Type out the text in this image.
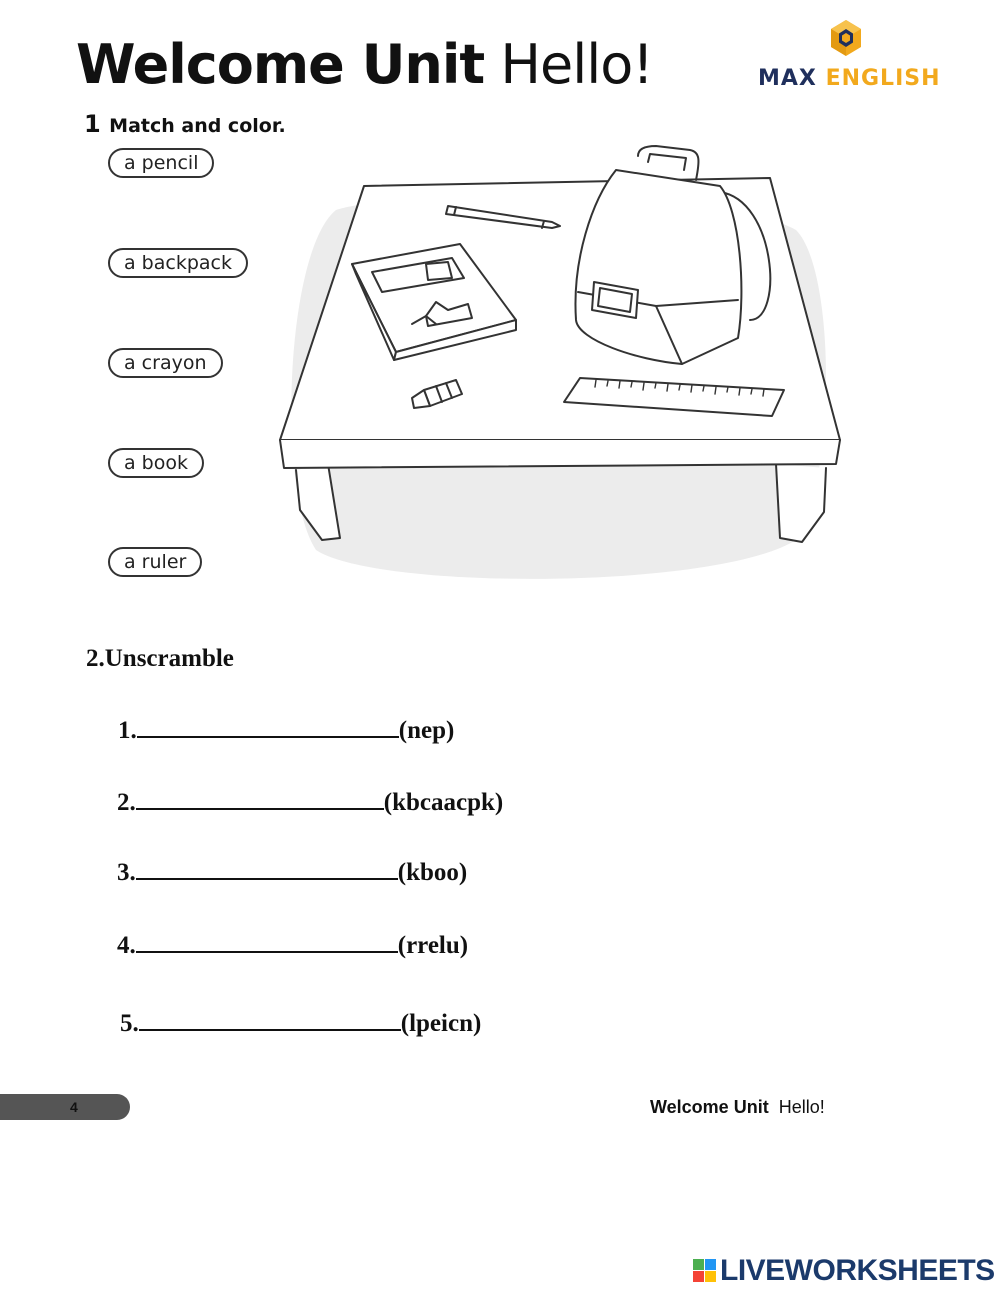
Welcome Unit Hello!	MAX ENGLISH
1 Match and color.
a pencil
a backpack
a crayon
a book
a ruler
2.Unscramble
1.	(nep)
2.	(kbcaacpk)
3.	(kboo)
4.	(rrelu)
5.	(lpeicn)
4	Welcome Unit Hello!
LIVEWORKSHEETS
